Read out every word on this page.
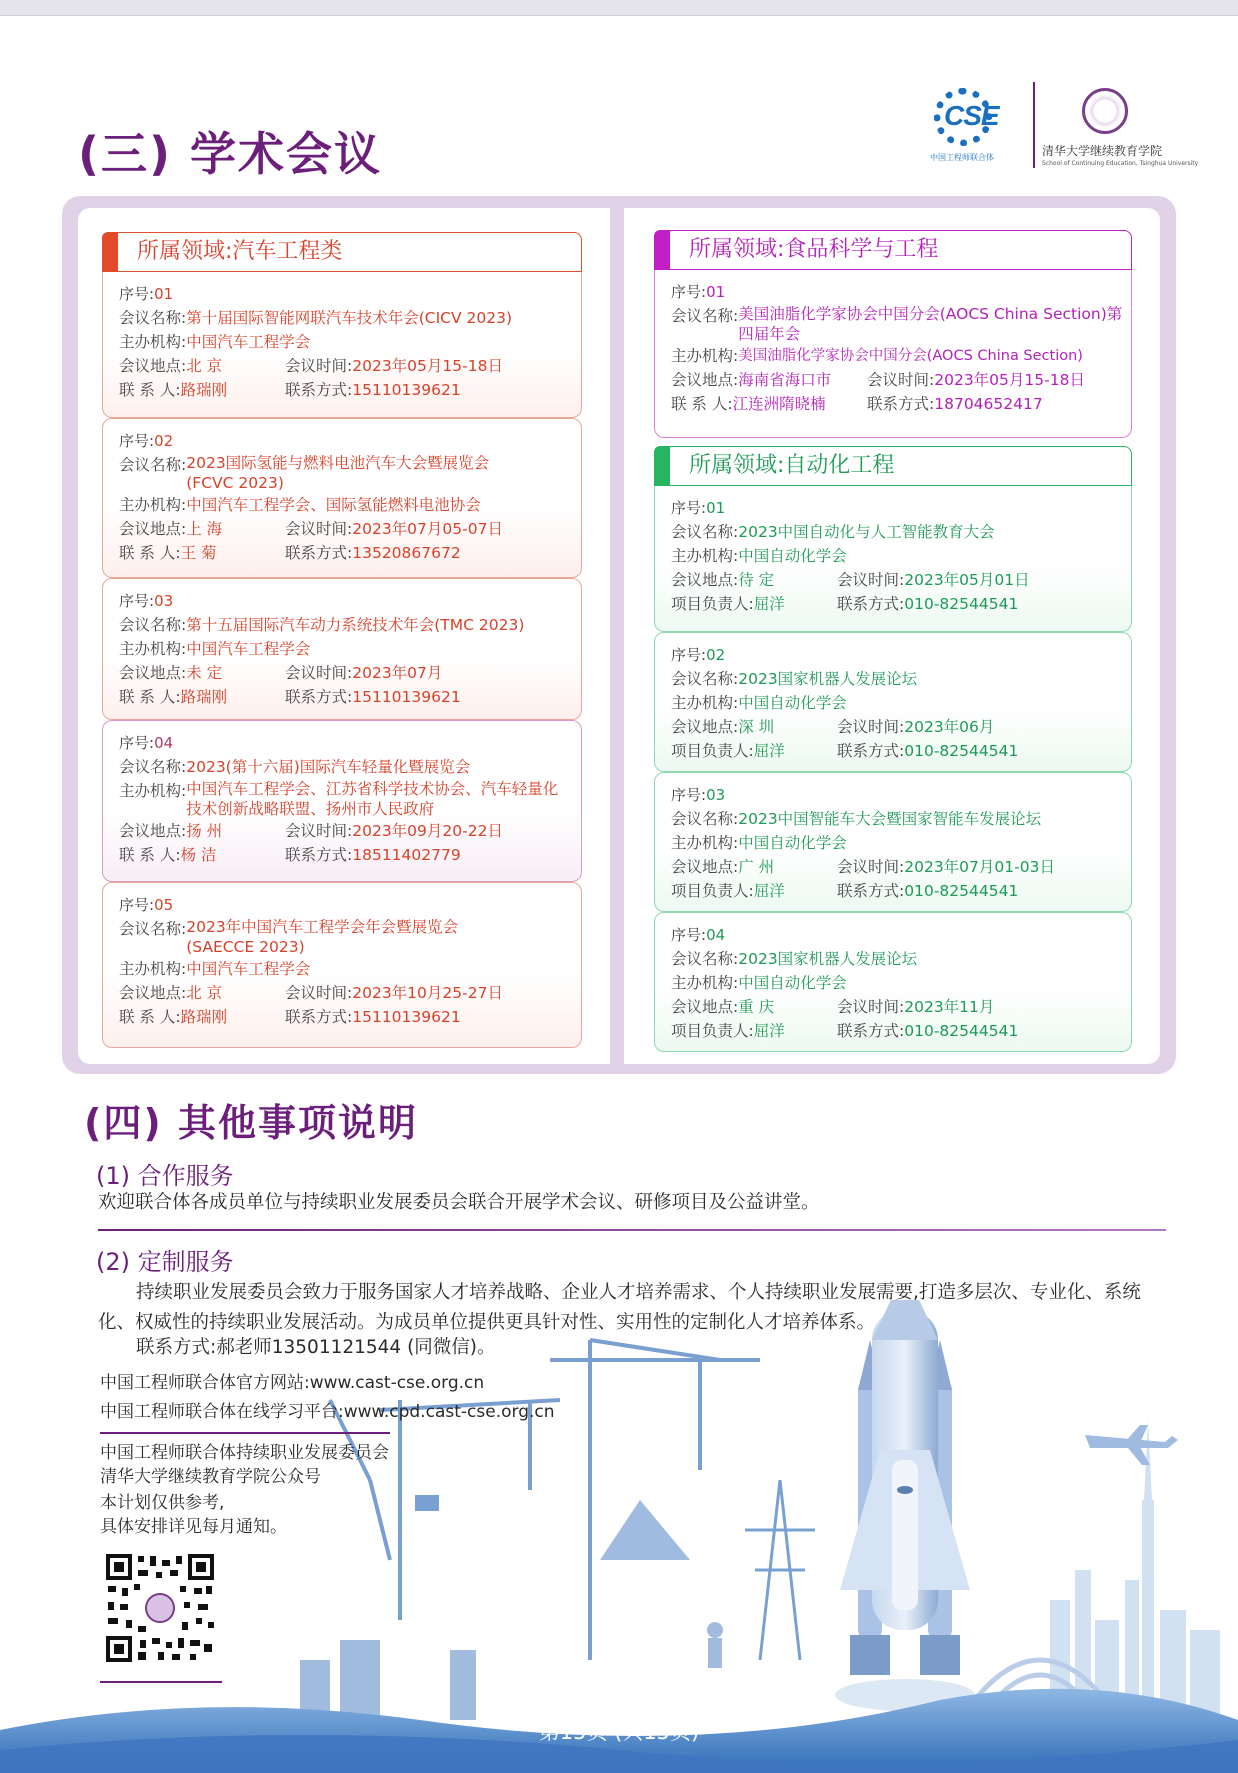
(三) 学术会议
CSE
中国工程师联合体	清华大学继续教育学院
School of Continuing Education, Tsinghua University
所属领域:汽车工程类
序号: 01
会议名称: 第十届国际智能网联汽车技术年会(CICV 2023)
主办机构: 中国汽车工程学会
会议地点: 北 京	会议时间: 2023年05月15-18日
联 系 人: 路瑞刚	联系方式: 15110139621
序号: 02
会议名称: 2023国际氢能与燃料电池汽车大会暨展览会(FCVC 2023)
主办机构: 中国汽车工程学会、国际氢能燃料电池协会
会议地点: 上 海	会议时间: 2023年07月05-07日
联 系 人: 王 菊	联系方式: 13520867672
序号: 03
会议名称: 第十五届国际汽车动力系统技术年会(TMC 2023)
主办机构: 中国汽车工程学会
会议地点: 未 定	会议时间: 2023年07月
联 系 人: 路瑞刚	联系方式: 15110139621
序号: 04
会议名称: 2023(第十六届)国际汽车轻量化暨展览会
主办机构: 中国汽车工程学会、江苏省科学技术协会、汽车轻量化技术创新战略联盟、扬州市人民政府
会议地点: 扬 州	会议时间: 2023年09月20-22日
联 系 人: 杨 洁	联系方式: 18511402779
序号: 05
会议名称: 2023年中国汽车工程学会年会暨展览会(SAECCE 2023)
主办机构: 中国汽车工程学会
会议地点: 北 京	会议时间: 2023年10月25-27日
联 系 人: 路瑞刚	联系方式: 15110139621
所属领域:食品科学与工程
序号: 01
会议名称: 美国油脂化学家协会中国分会(AOCS China Section)第四届年会
主办机构: 美国油脂化学家协会中国分会(AOCS China Section)
会议地点: 海南省海口市 会议时间: 2023年05月15-18日
联 系 人: 江连洲隋晓楠	联系方式: 18704652417
所属领域:自动化工程
序号: 01
会议名称: 2023中国自动化与人工智能教育大会
主办机构: 中国自动化学会
会议地点: 待 定	会议时间: 2023年05月01日
项目负责人: 屈洋	联系方式: 010-82544541
序号: 02
会议名称: 2023国家机器人发展论坛
主办机构: 中国自动化学会
会议地点: 深 圳	会议时间: 2023年06月
项目负责人: 屈洋	联系方式: 010-82544541
序号: 03
会议名称: 2023中国智能车大会暨国家智能车发展论坛
主办机构: 中国自动化学会
会议地点: 广 州	会议时间: 2023年07月01-03日
项目负责人: 屈洋	联系方式: 010-82544541
序号: 04
会议名称: 2023国家机器人发展论坛
主办机构: 中国自动化学会
会议地点: 重 庆	会议时间: 2023年11月
项目负责人: 屈洋	联系方式: 010-82544541
(四) 其他事项说明
(1) 合作服务
欢迎联合体各成员单位与持续职业发展委员会联合开展学术会议、研修项目及公益讲堂。
(2) 定制服务
持续职业发展委员会致力于服务国家人才培养战略、企业人才培养需求、个人持续职业发展需要,打造多层次、专业化、系统化、权威性的持续职业发展活动。为成员单位提供更具针对性、实用性的定制化人才培养体系。
联系方式:郝老师13501121544 (同微信)。
中国工程师联合体官方网站:www.cast-cse.org.cn
中国工程师联合体在线学习平台:www.cpd.cast-cse.org.cn
中国工程师联合体持续职业发展委员会
清华大学继续教育学院公众号
本计划仅供参考,
具体安排详见每月通知。
第15页 (共15页)
